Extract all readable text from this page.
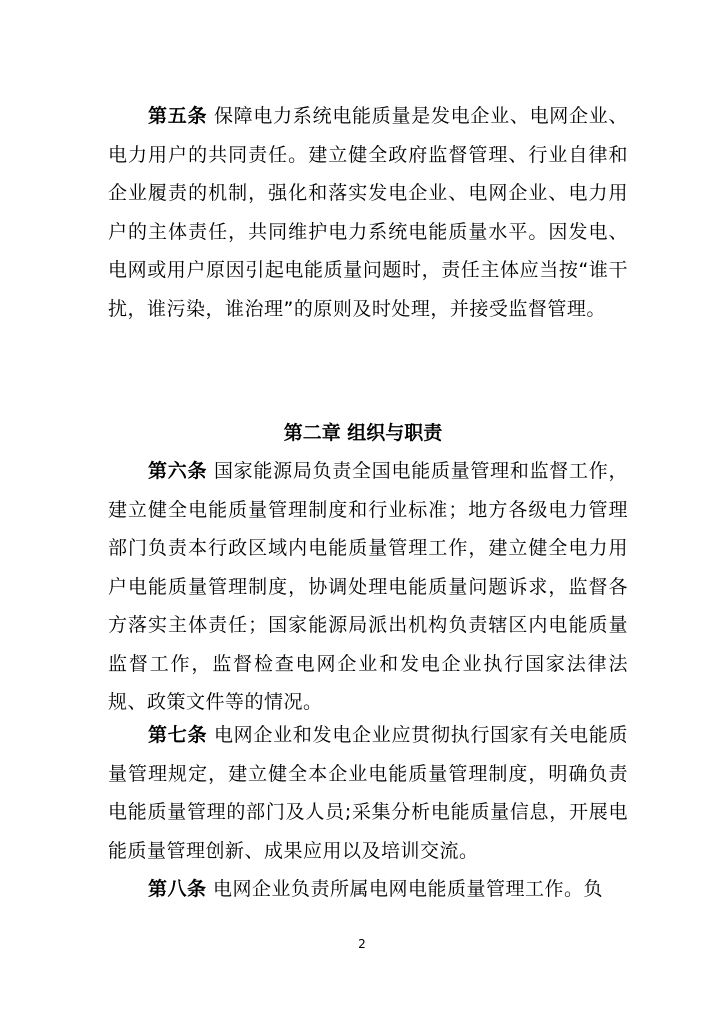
第五条 保障电力系统电能质量是发电企业、电网企业、电力用户的共同责任。建立健全政府监督管理、行业自律和企业履责的机制，强化和落实发电企业、电网企业、电力用户的主体责任，共同维护电力系统电能质量水平。因发电、电网或用户原因引起电能质量问题时，责任主体应当按“谁干扰，谁污染，谁治理”的原则及时处理，并接受监督管理。

第二章 组织与职责

第六条 国家能源局负责全国电能质量管理和监督工作，建立健全电能质量管理制度和行业标准；地方各级电力管理部门负责本行政区域内电能质量管理工作，建立健全电力用户电能质量管理制度，协调处理电能质量问题诉求，监督各方落实主体责任；国家能源局派出机构负责辖区内电能质量监督工作，监督检查电网企业和发电企业执行国家法律法规、政策文件等的情况。

第七条 电网企业和发电企业应贯彻执行国家有关电能质量管理规定，建立健全本企业电能质量管理制度，明确负责电能质量管理的部门及人员;采集分析电能质量信息，开展电能质量管理创新、成果应用以及培训交流。

第八条 电网企业负责所属电网电能质量管理工作。负

2
